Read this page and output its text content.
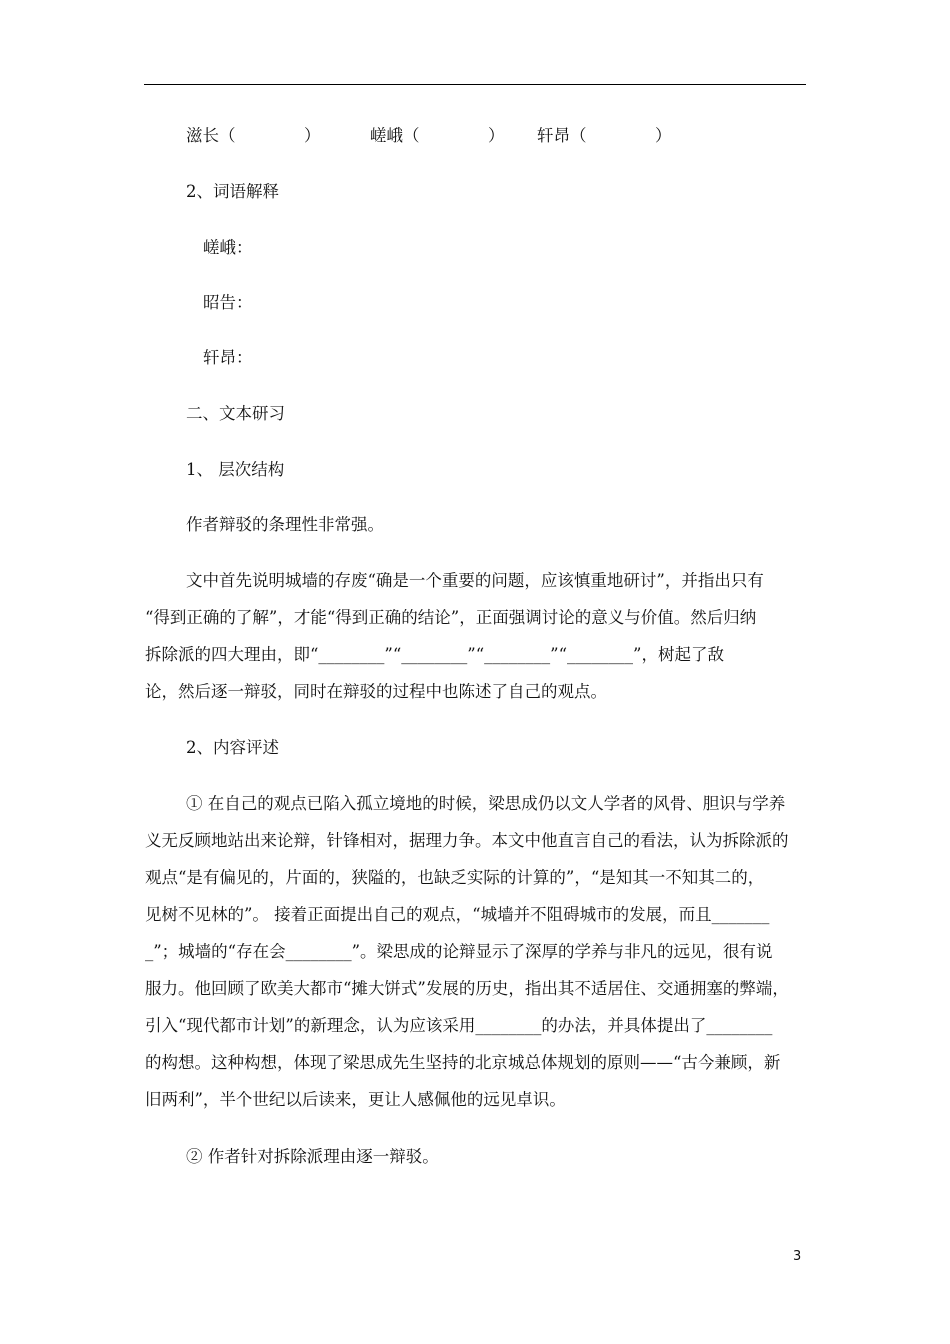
滋长（	）	嵯峨（	） 轩昂（	）
2、词语解释
嵯峨：
昭告：
轩昂：
二、文本研习
1、 层次结构
作者辩驳的条理性非常强。
文中首先说明城墙的存废“确是一个重要的问题，应该慎重地研讨”，并指出只有
“得到正确的了解”，才能“得到正确的结论”，正面强调讨论的意义与价值。然后归纳
拆除派的四大理由，即“________”“________”“________”“________”，树起了敌
论，然后逐一辩驳，同时在辩驳的过程中也陈述了自己的观点。
2、内容评述
① 在自己的观点已陷入孤立境地的时候，梁思成仍以文人学者的风骨、胆识与学养
义无反顾地站出来论辩，针锋相对，据理力争。本文中他直言自己的看法，认为拆除派的
观点“是有偏见的，片面的，狭隘的，也缺乏实际的计算的”，“是知其一不知其二的，
见树不见林的”。 接着正面提出自己的观点，“城墙并不阻碍城市的发展，而且_______
_”；城墙的“存在会________”。梁思成的论辩显示了深厚的学养与非凡的远见，很有说
服力。他回顾了欧美大都市“摊大饼式”发展的历史，指出其不适居住、交通拥塞的弊端，
引入“现代都市计划”的新理念，认为应该采用________的办法，并具体提出了________
的构想。这种构想，体现了梁思成先生坚持的北京城总体规划的原则——“古今兼顾，新
旧两利”，半个世纪以后读来，更让人感佩他的远见卓识。
② 作者针对拆除派理由逐一辩驳。
3
